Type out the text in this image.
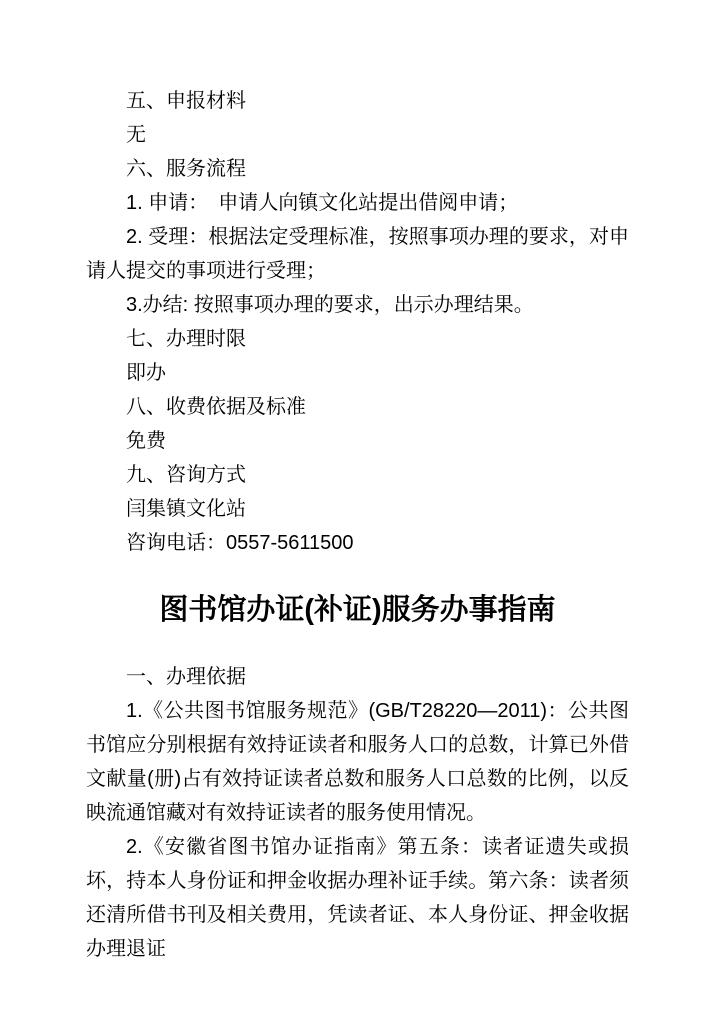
五、申报材料

无

六、服务流程

1. 申请：　申请人向镇文化站提出借阅申请；

2. 受理：根据法定受理标准，按照事项办理的要求，对申请人提交的事项进行受理；

3.办结: 按照事项办理的要求，出示办理结果。

七、办理时限

即办

八、收费依据及标准

免费

九、咨询方式

闫集镇文化站

咨询电话：0557-5611500

图书馆办证(补证)服务办事指南

一、办理依据

1.《公共图书馆服务规范》(GB/T28220—2011)：公共图书馆应分别根据有效持证读者和服务人口的总数，计算已外借文献量(册)占有效持证读者总数和服务人口总数的比例，以反映流通馆藏对有效持证读者的服务使用情况。

2.《安徽省图书馆办证指南》第五条：读者证遗失或损坏，持本人身份证和押金收据办理补证手续。第六条：读者须还清所借书刊及相关费用，凭读者证、本人身份证、押金收据办理退证
